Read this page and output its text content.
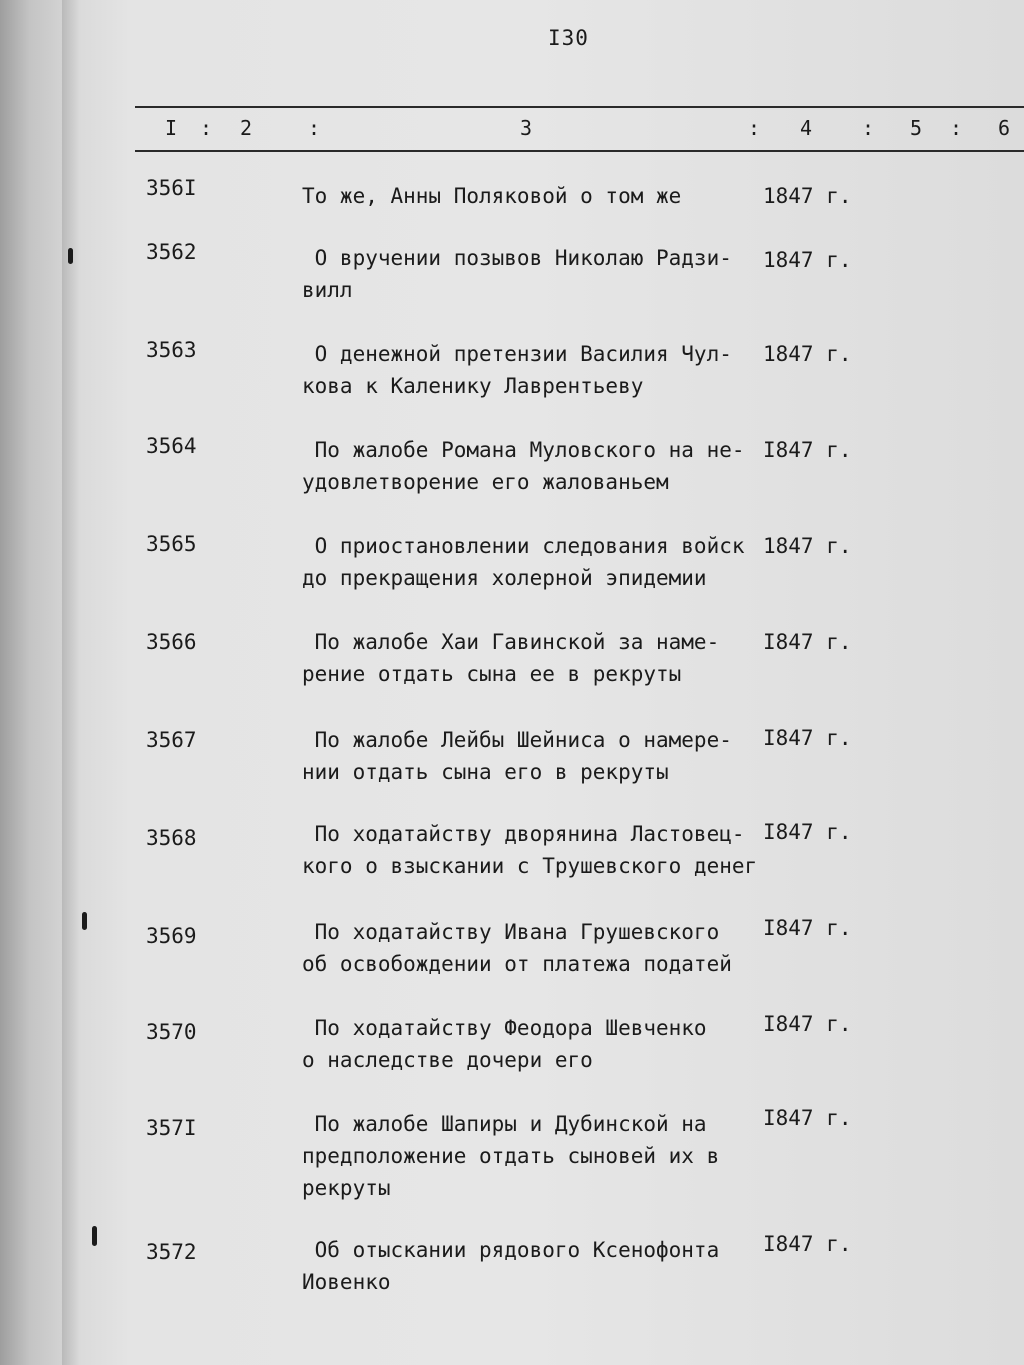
I30
I : 2	:	3	: 4 : 5 : 6
356I	То же, Анны Поляковой о том же	1847 г.
3562	О вручении позывов Николаю Радзи-
вилл
1847 г.
3563	О денежной претензии Василия Чул-
кова к Каленику Лаврентьеву
1847 г.
3564	По жалобе Романа Муловского на не-
удовлетворение его жалованьем
I847 г.
3565	О приостановлении следования войск
до прекращения холерной эпидемии
1847 г.
3566	По жалобе Хаи Гавинской за наме-
рение отдать сына ее в рекруты
I847 г.
3567	По жалобе Лейбы Шейниса о намере-
нии отдать сына его в рекруты
I847 г.
3568	По ходатайству дворянина Ластовец-
кого о взыскании с Трушевского денег
I847 г.
3569	По ходатайству Ивана Грушевского
об освобождении от платежа податей
I847 г.
3570	По ходатайству Феодора Шевченко
о наследстве дочери его
I847 г.
357I	По жалобе Шапиры и Дубинской на
предположение отдать сыновей их в
рекруты
I847 г.
3572	Об отыскании рядового Ксенофонта
Иовенко
I847 г.
